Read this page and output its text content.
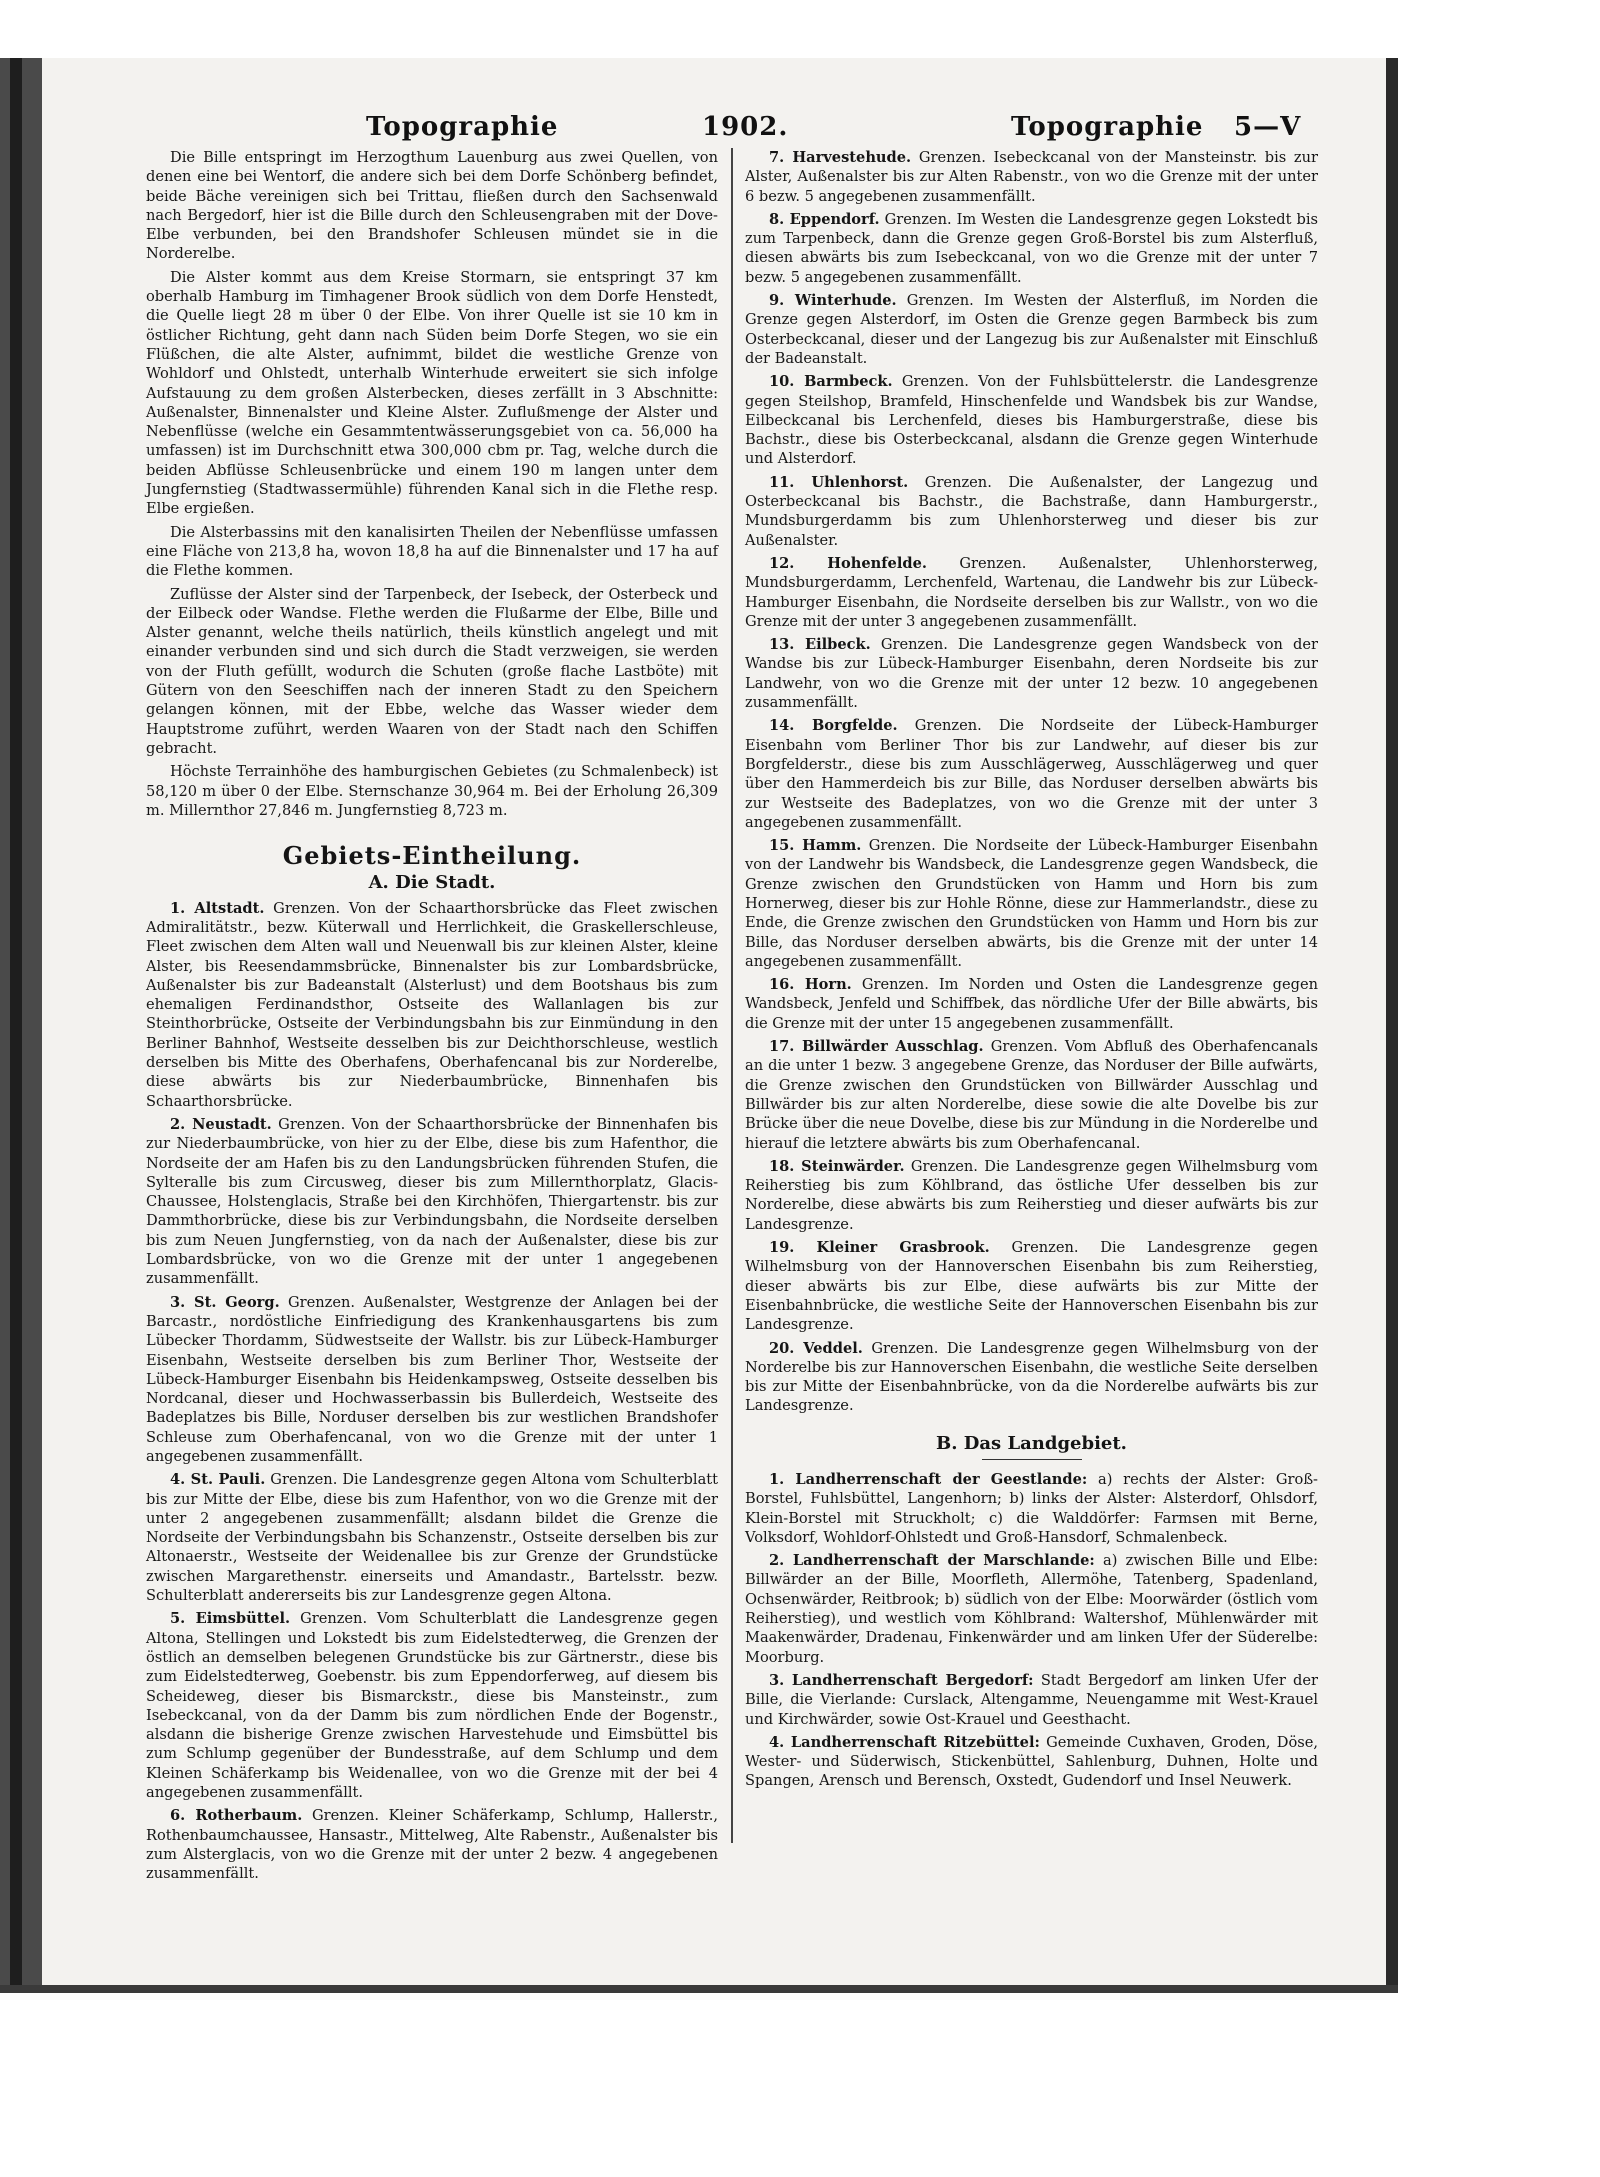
Topographie	1902.	Topographie 5—V

Die Bille entspringt im Herzogthum Lauenburg aus zwei Quellen, von denen eine bei Wentorf, die andere sich bei dem Dorfe Schönberg befindet, beide Bäche vereinigen sich bei Trittau, fließen durch den Sachsenwald nach Bergedorf, hier ist die Bille durch den Schleusengraben mit der Dove-Elbe verbunden, bei den Brandshofer Schleusen mündet sie in die Norderelbe.

Die Alster kommt aus dem Kreise Stormarn, sie entspringt 37 km oberhalb Hamburg im Timhagener Brook südlich von dem Dorfe Henstedt, die Quelle liegt 28 m über 0 der Elbe. Von ihrer Quelle ist sie 10 km in östlicher Richtung, geht dann nach Süden beim Dorfe Stegen, wo sie ein Flüßchen, die alte Alster, aufnimmt, bildet die westliche Grenze von Wohldorf und Ohlstedt, unterhalb Winterhude erweitert sie sich infolge Aufstauung zu dem großen Alsterbecken, dieses zerfällt in 3 Abschnitte: Außenalster, Binnenalster und Kleine Alster. Zuflußmenge der Alster und Nebenflüsse (welche ein Gesammtentwässerungsgebiet von ca. 56,000 ha umfassen) ist im Durchschnitt etwa 300,000 cbm pr. Tag, welche durch die beiden Abflüsse Schleusenbrücke und einem 190 m langen unter dem Jungfernstieg (Stadtwassermühle) führenden Kanal sich in die Flethe resp. Elbe ergießen.

Die Alsterbassins mit den kanalisirten Theilen der Nebenflüsse umfassen eine Fläche von 213,8 ha, wovon 18,8 ha auf die Binnenalster und 17 ha auf die Flethe kommen.

Zuflüsse der Alster sind der Tarpenbeck, der Isebeck, der Osterbeck und der Eilbeck oder Wandse. Flethe werden die Flußarme der Elbe, Bille und Alster genannt, welche theils natürlich, theils künstlich angelegt und mit einander verbunden sind und sich durch die Stadt verzweigen, sie werden von der Fluth gefüllt, wodurch die Schuten (große flache Lastböte) mit Gütern von den Seeschiffen nach der inneren Stadt zu den Speichern gelangen können, mit der Ebbe, welche das Wasser wieder dem Hauptstrome zuführt, werden Waaren von der Stadt nach den Schiffen gebracht.

Höchste Terrainhöhe des hamburgischen Gebietes (zu Schmalenbeck) ist 58,120 m über 0 der Elbe. Sternschanze 30,964 m. Bei der Erholung 26,309 m. Millernthor 27,846 m. Jungfernstieg 8,723 m.

Gebiets-Eintheilung.
A. Die Stadt.

1. Altstadt. Grenzen. Von der Schaarthorsbrücke das Fleet zwischen Admiralitätstr., bezw. Küterwall und Herrlichkeit, die Graskellerschleuse, Fleet zwischen dem Alten wall und Neuenwall bis zur kleinen Alster, kleine Alster, bis Reesendammsbrücke, Binnenalster bis zur Lombardsbrücke, Außenalster bis zur Badeanstalt (Alsterlust) und dem Bootshaus bis zum ehemaligen Ferdinandsthor, Ostseite des Wallanlagen bis zur Steinthorbrücke, Ostseite der Verbindungsbahn bis zur Einmündung in den Berliner Bahnhof, Westseite desselben bis zur Deichthorschleuse, westlich derselben bis Mitte des Oberhafens, Oberhafencanal bis zur Norderelbe, diese abwärts bis zur Niederbaumbrücke, Binnenhafen bis Schaarthorsbrücke.

2. Neustadt. Grenzen. Von der Schaarthorsbrücke der Binnenhafen bis zur Niederbaumbrücke, von hier zu der Elbe, diese bis zum Hafenthor, die Nordseite der am Hafen bis zu den Landungsbrücken führenden Stufen, die Sylteralle bis zum Circusweg, dieser bis zum Millernthorplatz, Glacis-Chaussee, Holstenglacis, Straße bei den Kirchhöfen, Thiergartenstr. bis zur Dammthorbrücke, diese bis zur Verbindungsbahn, die Nordseite derselben bis zum Neuen Jungfernstieg, von da nach der Außenalster, diese bis zur Lombardsbrücke, von wo die Grenze mit der unter 1 angegebenen zusammenfällt.

3. St. Georg. Grenzen. Außenalster, Westgrenze der Anlagen bei der Barcastr., nordöstliche Einfriedigung des Krankenhausgartens bis zum Lübecker Thordamm, Südwestseite der Wallstr. bis zur Lübeck-Hamburger Eisenbahn, Westseite derselben bis zum Berliner Thor, Westseite der Lübeck-Hamburger Eisenbahn bis Heidenkampsweg, Ostseite desselben bis Nordcanal, dieser und Hochwasserbassin bis Bullerdeich, Westseite des Badeplatzes bis Bille, Norduser derselben bis zur westlichen Brandshofer Schleuse zum Oberhafencanal, von wo die Grenze mit der unter 1 angegebenen zusammenfällt.

4. St. Pauli. Grenzen. Die Landesgrenze gegen Altona vom Schulterblatt bis zur Mitte der Elbe, diese bis zum Hafenthor, von wo die Grenze mit der unter 2 angegebenen zusammenfällt; alsdann bildet die Grenze die Nordseite der Verbindungsbahn bis Schanzenstr., Ostseite derselben bis zur Altonaerstr., Westseite der Weidenallee bis zur Grenze der Grundstücke zwischen Margarethenstr. einerseits und Amandastr., Bartelsstr. bezw. Schulterblatt andererseits bis zur Landesgrenze gegen Altona.

5. Eimsbüttel. Grenzen. Vom Schulterblatt die Landesgrenze gegen Altona, Stellingen und Lokstedt bis zum Eidelstedterweg, die Grenzen der östlich an demselben belegenen Grundstücke bis zur Gärtnerstr., diese bis zum Eidelstedterweg, Goebenstr. bis zum Eppendorferweg, auf diesem bis Scheideweg, dieser bis Bismarckstr., diese bis Mansteinstr., zum Isebeckcanal, von da der Damm bis zum nördlichen Ende der Bogenstr., alsdann die bisherige Grenze zwischen Harvestehude und Eimsbüttel bis zum Schlump gegenüber der Bundesstraße, auf dem Schlump und dem Kleinen Schäferkamp bis Weidenallee, von wo die Grenze mit der bei 4 angegebenen zusammenfällt.

6. Rotherbaum. Grenzen. Kleiner Schäferkamp, Schlump, Hallerstr., Rothenbaumchaussee, Hansastr., Mittelweg, Alte Rabenstr., Außenalster bis zum Alsterglacis, von wo die Grenze mit der unter 2 bezw. 4 angegebenen zusammenfällt.

7. Harvestehude. Grenzen. Isebeckcanal von der Mansteinstr. bis zur Alster, Außenalster bis zur Alten Rabenstr., von wo die Grenze mit der unter 6 bezw. 5 angegebenen zusammenfällt.

8. Eppendorf. Grenzen. Im Westen die Landesgrenze gegen Lokstedt bis zum Tarpenbeck, dann die Grenze gegen Groß-Borstel bis zum Alsterfluß, diesen abwärts bis zum Isebeckcanal, von wo die Grenze mit der unter 7 bezw. 5 angegebenen zusammenfällt.

9. Winterhude. Grenzen. Im Westen der Alsterfluß, im Norden die Grenze gegen Alsterdorf, im Osten die Grenze gegen Barmbeck bis zum Osterbeckcanal, dieser und der Langezug bis zur Außenalster mit Einschluß der Badeanstalt.

10. Barmbeck. Grenzen. Von der Fuhlsbüttelerstr. die Landesgrenze gegen Steilshop, Bramfeld, Hinschenfelde und Wandsbek bis zur Wandse, Eilbeckcanal bis Lerchenfeld, dieses bis Hamburgerstraße, diese bis Bachstr., diese bis Osterbeckcanal, alsdann die Grenze gegen Winterhude und Alsterdorf.

11. Uhlenhorst. Grenzen. Die Außenalster, der Langezug und Osterbeckcanal bis Bachstr., die Bachstraße, dann Hamburgerstr., Mundsburgerdamm bis zum Uhlenhorsterweg und dieser bis zur Außenalster.

12. Hohenfelde. Grenzen. Außenalster, Uhlenhorsterweg, Mundsburgerdamm, Lerchenfeld, Wartenau, die Landwehr bis zur Lübeck-Hamburger Eisenbahn, die Nordseite derselben bis zur Wallstr., von wo die Grenze mit der unter 3 angegebenen zusammenfällt.

13. Eilbeck. Grenzen. Die Landesgrenze gegen Wandsbeck von der Wandse bis zur Lübeck-Hamburger Eisenbahn, deren Nordseite bis zur Landwehr, von wo die Grenze mit der unter 12 bezw. 10 angegebenen zusammenfällt.

14. Borgfelde. Grenzen. Die Nordseite der Lübeck-Hamburger Eisenbahn vom Berliner Thor bis zur Landwehr, auf dieser bis zur Borgfelderstr., diese bis zum Ausschlägerweg, Ausschlägerweg und quer über den Hammerdeich bis zur Bille, das Norduser derselben abwärts bis zur Westseite des Badeplatzes, von wo die Grenze mit der unter 3 angegebenen zusammenfällt.

15. Hamm. Grenzen. Die Nordseite der Lübeck-Hamburger Eisenbahn von der Landwehr bis Wandsbeck, die Landesgrenze gegen Wandsbeck, die Grenze zwischen den Grundstücken von Hamm und Horn bis zum Hornerweg, dieser bis zur Hohle Rönne, diese zur Hammerlandstr., diese zu Ende, die Grenze zwischen den Grundstücken von Hamm und Horn bis zur Bille, das Norduser derselben abwärts, bis die Grenze mit der unter 14 angegebenen zusammenfällt.

16. Horn. Grenzen. Im Norden und Osten die Landesgrenze gegen Wandsbeck, Jenfeld und Schiffbek, das nördliche Ufer der Bille abwärts, bis die Grenze mit der unter 15 angegebenen zusammenfällt.

17. Billwärder Ausschlag. Grenzen. Vom Abfluß des Oberhafencanals an die unter 1 bezw. 3 angegebene Grenze, das Norduser der Bille aufwärts, die Grenze zwischen den Grundstücken von Billwärder Ausschlag und Billwärder bis zur alten Norderelbe, diese sowie die alte Dovelbe bis zur Brücke über die neue Dovelbe, diese bis zur Mündung in die Norderelbe und hierauf die letztere abwärts bis zum Oberhafencanal.

18. Steinwärder. Grenzen. Die Landesgrenze gegen Wilhelmsburg vom Reiherstieg bis zum Köhlbrand, das östliche Ufer desselben bis zur Norderelbe, diese abwärts bis zum Reiherstieg und dieser aufwärts bis zur Landesgrenze.

19. Kleiner Grasbrook. Grenzen. Die Landesgrenze gegen Wilhelmsburg von der Hannoverschen Eisenbahn bis zum Reiherstieg, dieser abwärts bis zur Elbe, diese aufwärts bis zur Mitte der Eisenbahnbrücke, die westliche Seite der Hannoverschen Eisenbahn bis zur Landesgrenze.

20. Veddel. Grenzen. Die Landesgrenze gegen Wilhelmsburg von der Norderelbe bis zur Hannoverschen Eisenbahn, die westliche Seite derselben bis zur Mitte der Eisenbahnbrücke, von da die Norderelbe aufwärts bis zur Landesgrenze.

B. Das Landgebiet.

1. Landherrenschaft der Geestlande: a) rechts der Alster: Groß-Borstel, Fuhlsbüttel, Langenhorn; b) links der Alster: Alsterdorf, Ohlsdorf, Klein-Borstel mit Struckholt; c) die Walddörfer: Farmsen mit Berne, Volksdorf, Wohldorf-Ohlstedt und Groß-Hansdorf, Schmalenbeck.

2. Landherrenschaft der Marschlande: a) zwischen Bille und Elbe: Billwärder an der Bille, Moorfleth, Allermöhe, Tatenberg, Spadenland, Ochsenwärder, Reitbrook; b) südlich von der Elbe: Moorwärder (östlich vom Reiherstieg), und westlich vom Köhlbrand: Waltershof, Mühlenwärder mit Maakenwärder, Dradenau, Finkenwärder und am linken Ufer der Süderelbe: Moorburg.

3. Landherrenschaft Bergedorf: Stadt Bergedorf am linken Ufer der Bille, die Vierlande: Curslack, Altengamme, Neuengamme mit West-Krauel und Kirchwärder, sowie Ost-Krauel und Geesthacht.

4. Landherrenschaft Ritzebüttel: Gemeinde Cuxhaven, Groden, Döse, Wester- und Süderwisch, Stickenbüttel, Sahlenburg, Duhnen, Holte und Spangen, Arensch und Berensch, Oxstedt, Gudendorf und Insel Neuwerk.
